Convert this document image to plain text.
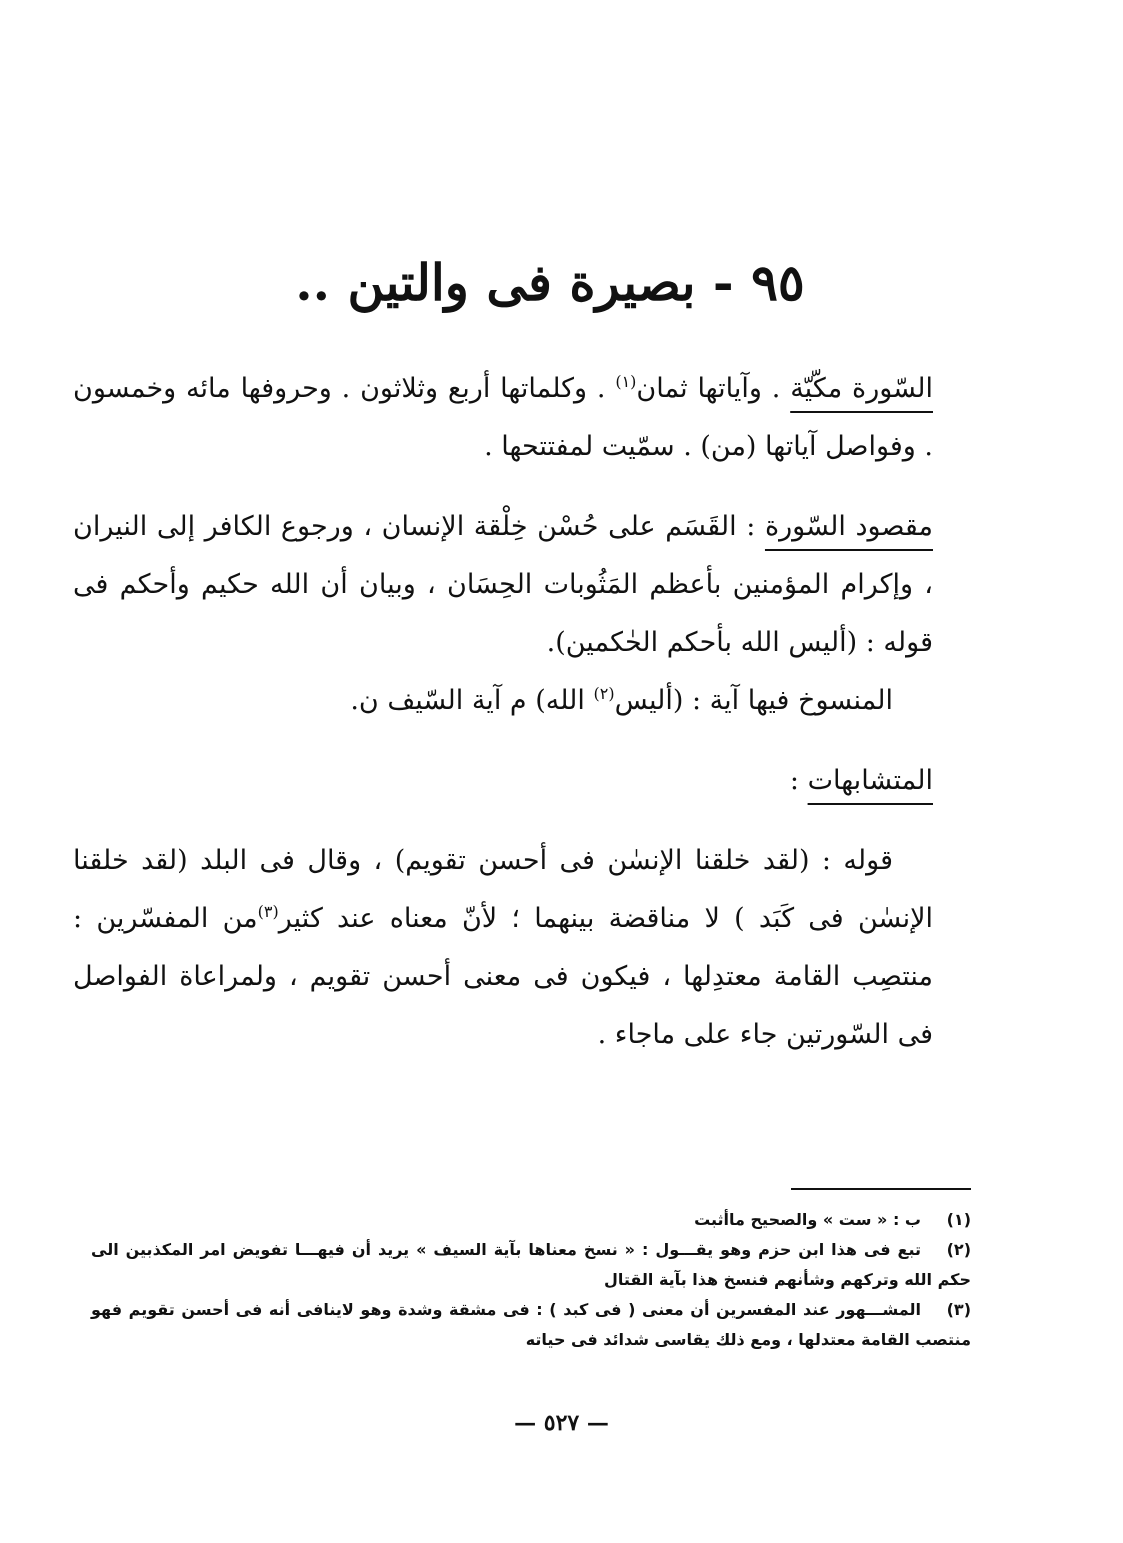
٩٥ - بصيرة فى والتين ..

السّورة مكّيّة . وآياتها ثمان$^{(١)}$ . وكلماتها أربع وثلاثون . وحروفها مائه وخمسون . وفواصل آياتها (من) . سمّيت لمفتتحها .

مقصود السّورة : القَسَم على حُسْن خِلْقة الإنسان ، ورجوع الكافر إلى النيران ، وإكرام المؤمنين بأعظم المَثُوبات الحِسَان ، وبيان أن الله حكيم وأحكم فى قوله : (أليس الله بأحكم الحٰكمين).

المنسوخ فيها آية : (أليس$^{(٢)}$ الله) م آية السّيف ن.

المتشابهات :

قوله : (لقد خلقنا الإنسٰن فى أحسن تقويم) ، وقال فى البلد (لقد خلقنا الإنسٰن فى كَبَد ) لا مناقضة بينهما ؛ لأنّ معناه عند كثير$^{(٣)}$من المفسّرين : منتصِب القامة معتدِلها ، فيكون فى معنى أحسن تقويم ، ولمراعاة الفواصل فى السّورتين جاء على ماجاء .

(١)ب : « ست » والصحيح ماأثبت

(٢)تبع فى هذا ابن حزم وهو يقـــول : « نسخ معناها بآية السيف » يريد أن فيهـــا تفويض امر المكذبين الى حكم الله وتركهم وشأنهم فنسخ هذا بآية القتال

(٣)المشـــهور عند المفسرين أن معنى ( فى كبد ) : فى مشقة وشدة وهو لاينافى أنه فى أحسن تقويم فهو منتصب القامة معتدلها ، ومع ذلك يقاسى شدائد فى حياته

— ٥٢٧ —
